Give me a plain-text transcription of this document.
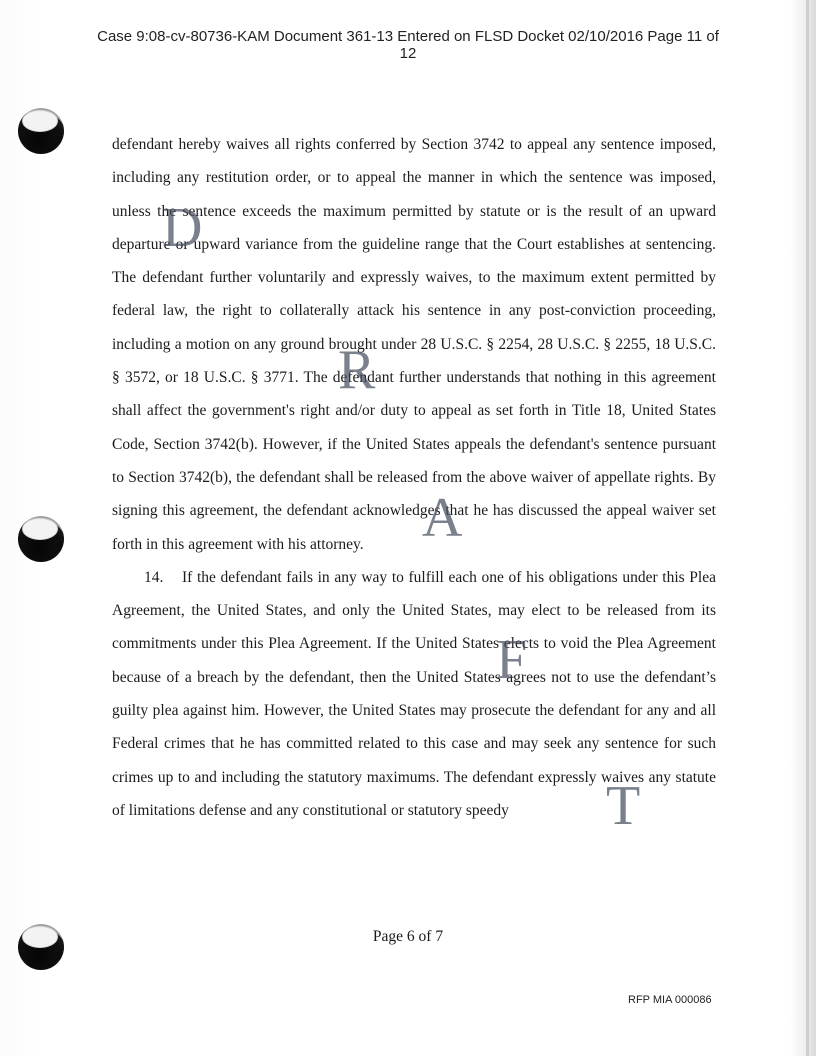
Case 9:08-cv-80736-KAM Document 361-13 Entered on FLSD Docket 02/10/2016 Page 11 of
12

defendant hereby waives all rights conferred by Section 3742 to appeal any sentence imposed, including any restitution order, or to appeal the manner in which the sentence was imposed, unless the sentence exceeds the maximum permitted by statute or is the result of an upward departure or upward variance from the guideline range that the Court establishes at sentencing. The defendant further voluntarily and expressly waives, to the maximum extent permitted by federal law, the right to collaterally attack his sentence in any post-conviction proceeding, including a motion on any ground brought under 28 U.S.C. § 2254, 28 U.S.C. § 2255, 18 U.S.C. § 3572, or 18 U.S.C. § 3771. The defendant further understands that nothing in this agreement shall affect the government's right and/or duty to appeal as set forth in Title 18, United States Code, Section 3742(b). However, if the United States appeals the defendant's sentence pursuant to Section 3742(b), the defendant shall be released from the above waiver of appellate rights. By signing this agreement, the defendant acknowledges that he has discussed the appeal waiver set forth in this agreement with his attorney.

14. If the defendant fails in any way to fulfill each one of his obligations under this Plea Agreement, the United States, and only the United States, may elect to be released from its commitments under this Plea Agreement. If the United States elects to void the Plea Agreement because of a breach by the defendant, then the United States agrees not to use the defendant’s guilty plea against him. However, the United States may prosecute the defendant for any and all Federal crimes that he has committed related to this case and may seek any sentence for such crimes up to and including the statutory maximums. The defendant expressly waives any statute of limitations defense and any constitutional or statutory speedy

D
R
A
F
T
Page 6 of 7
RFP MIA 000086
